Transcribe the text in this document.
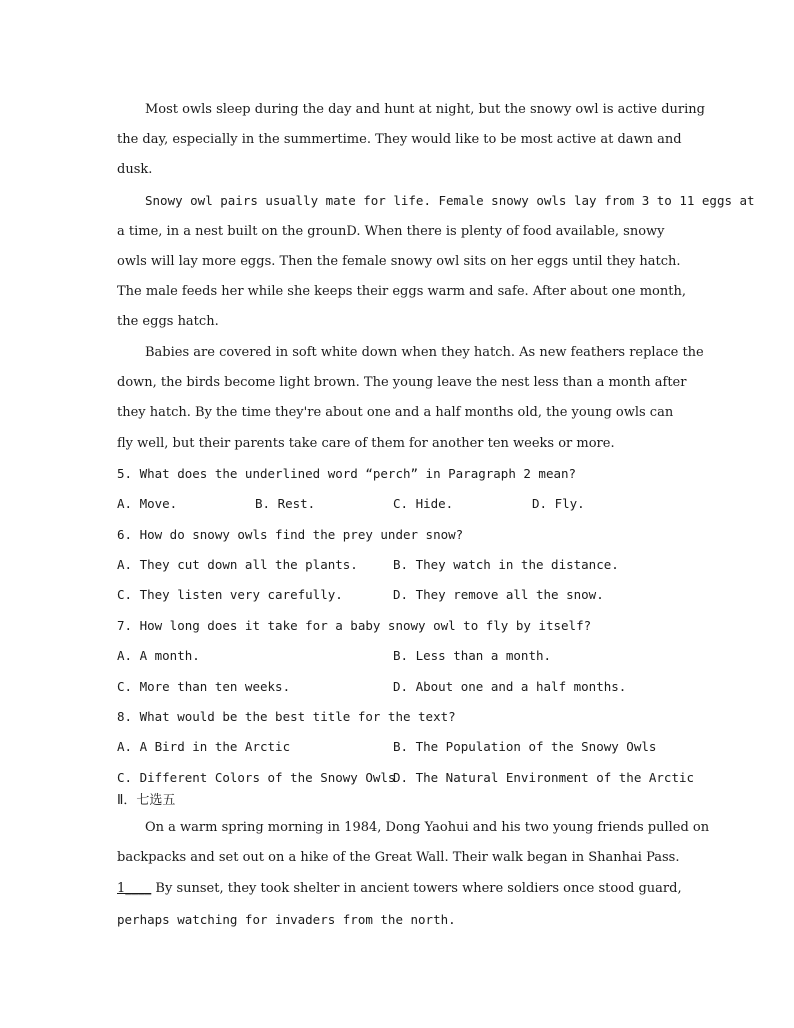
Most owls sleep during the day and hunt at night, but the snowy owl is active during
the day, especially in the summertime. They would like to be most active at dawn and
dusk.
Snowy owl pairs usually mate for life. Female snowy owls lay from 3 to 11 eggs at
a time, in a nest built on the grounD. When there is plenty of food available, snowy
owls will lay more eggs. Then the female snowy owl sits on her eggs until they hatch.
The male feeds her while she keeps their eggs warm and safe. After about one month,
the eggs hatch.
Babies are covered in soft white down when they hatch. As new feathers replace the
down, the birds become light brown. The young leave the nest less than a month after
they hatch. By the time they're about one and a half months old, the young owls can
fly well, but their parents take care of them for another ten weeks or more.
5. What does the underlined word “perch” in Paragraph 2 mean?
A. Move.	B. Rest.	C. Hide.	D. Fly.
6. How do snowy owls find the prey under snow?
A. They cut down all the plants.	B. They watch in the distance.
C. They listen very carefully.	D. They remove all the snow.
7. How long does it take for a baby snowy owl to fly by itself?
A. A month.	B. Less than a month.
C. More than ten weeks.	D. About one and a half months.
8. What would be the best title for the text?
A. A Bird in the Arctic	B. The Population of the Snowy Owls
C. Different Colors of the Snowy Owls
D. The Natural Environment of the Arctic
Ⅱ．七选五
On a warm spring morning in 1984, Dong Yaohui and his two young friends pulled on
backpacks and set out on a hike of the Great Wall. Their walk began in Shanhai Pass.
1____ By sunset, they took shelter in ancient towers where soldiers once stood guard,
perhaps watching for invaders from the north.
